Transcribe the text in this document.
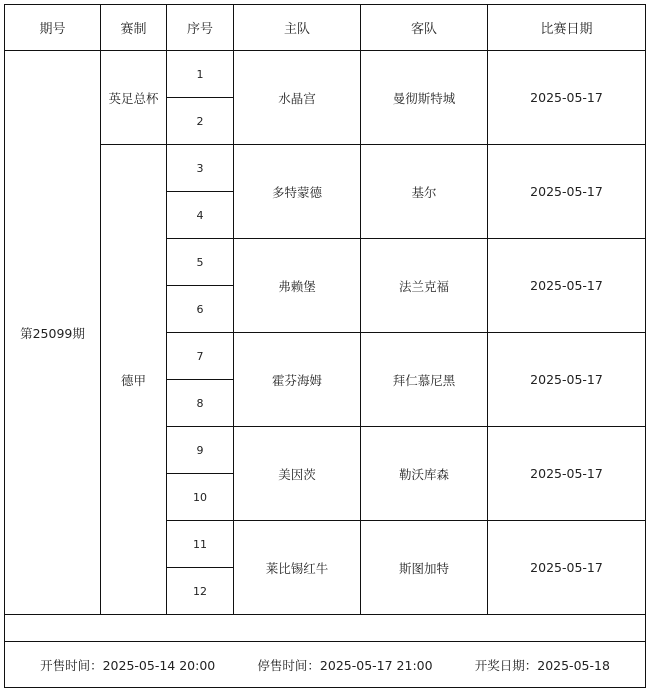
期号	赛制	序号	主队	客队	比赛日期
第25099期	英足总杯	1	水晶宫	曼彻斯特城	2025-05-17
		2			
	德甲	3	多特蒙德	基尔	2025-05-17
		4			
		5	弗赖堡	法兰克福	2025-05-17
		6			
		7	霍芬海姆	拜仁慕尼黑	2025-05-17
		8			
		9	美因茨	勒沃库森	2025-05-17
		10			
		11	莱比锡红牛	斯图加特	2025-05-17
		12			

开售时间：2025-05-14 20:00 停售时间：2025-05-17 21:00 开奖日期：2025-05-18					
